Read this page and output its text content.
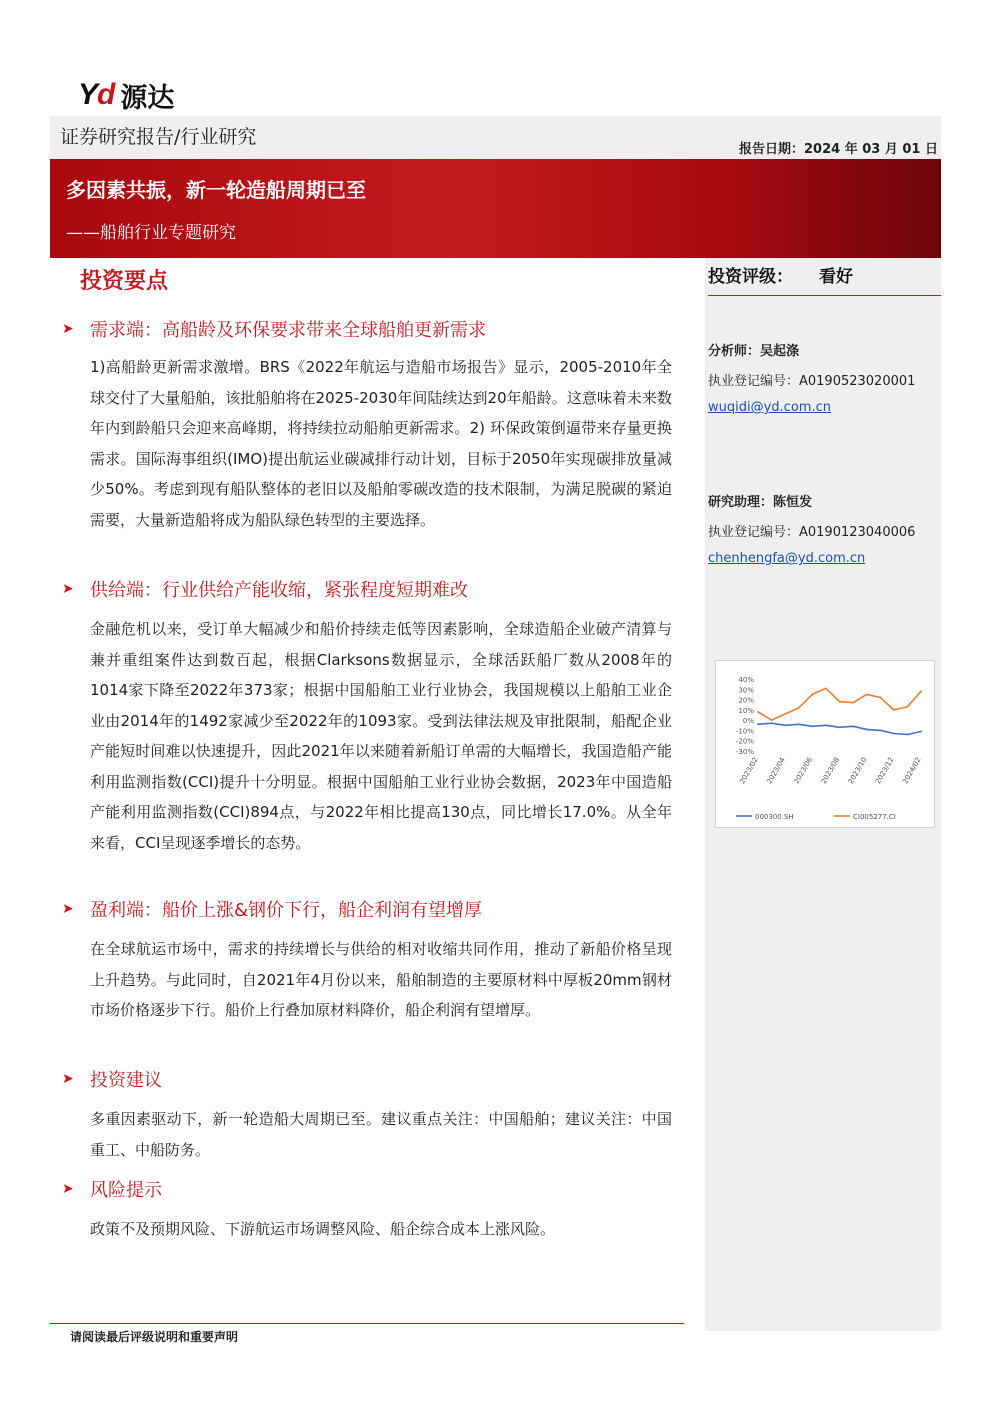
Yd 源达
证券研究报告/行业研究
报告日期：2024 年 03 月 01 日
多因素共振，新一轮造船周期已至
——船舶行业专题研究
投资要点
➤ 需求端：高船龄及环保要求带来全球船舶更新需求
1)高船龄更新需求激增。BRS《2022年航运与造船市场报告》显示，2005-2010年全球交付了大量船舶，该批船舶将在2025-2030年间陆续达到20年船龄。这意味着未来数年内到龄船只会迎来高峰期，将持续拉动船舶更新需求。2) 环保政策倒逼带来存量更换需求。国际海事组织(IMO)提出航运业碳减排行动计划，目标于2050年实现碳排放量减少50%。考虑到现有船队整体的老旧以及船舶零碳改造的技术限制，为满足脱碳的紧迫需要，大量新造船将成为船队绿色转型的主要选择。
➤ 供给端：行业供给产能收缩，紧张程度短期难改
金融危机以来，受订单大幅减少和船价持续走低等因素影响，全球造船企业破产清算与兼并重组案件达到数百起，根据Clarksons数据显示，全球活跃船厂数从2008年的1014家下降至2022年373家；根据中国船舶工业行业协会，我国规模以上船舶工业企业由2014年的1492家减少至2022年的1093家。受到法律法规及审批限制，船配企业产能短时间难以快速提升，因此2021年以来随着新船订单需的大幅增长，我国造船产能利用监测指数(CCI)提升十分明显。根据中国船舶工业行业协会数据，2023年中国造船产能利用监测指数(CCI)894点，与2022年相比提高130点，同比增长17.0%。从全年来看，CCI呈现逐季增长的态势。
➤ 盈利端：船价上涨&钢价下行，船企利润有望增厚
在全球航运市场中，需求的持续增长与供给的相对收缩共同作用，推动了新船价格呈现上升趋势。与此同时，自2021年4月份以来，船舶制造的主要原材料中厚板20mm钢材市场价格逐步下行。船价上行叠加原材料降价，船企利润有望增厚。
➤ 投资建议
多重因素驱动下，新一轮造船大周期已至。建议重点关注：中国船舶；建议关注：中国重工、中船防务。
➤ 风险提示
政策不及预期风险、下游航运市场调整风险、船企综合成本上涨风险。
请阅读最后评级说明和重要声明
投资评级： 看好
分析师：吴起涤
执业登记编号：A0190523020001
wuqidi@yd.com.cn
研究助理：陈恒发
执业登记编号：A0190123040006
chenhengfa@yd.com.cn
40%
30%
20%
10%
0%
-10%
-20%
-30%
2023/02 2023/04 2023/06 2023/08 2023/10 2023/12 2024/02
000300.SH	CI005277.CI
